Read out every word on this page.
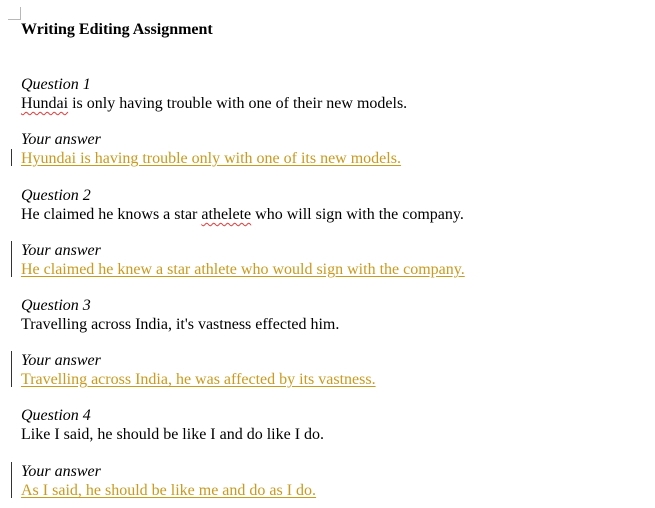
Writing Editing Assignment
Question 1
Hundai is only having trouble with one of their new models.
Your answer
Hyundai is having trouble only with one of its new models.
Question 2
He claimed he knows a star athelete who will sign with the company.
Your answer
He claimed he knew a star athlete who would sign with the company.
Question 3
Travelling across India, it's vastness effected him.
Your answer
Travelling across India, he was affected by its vastness.
Question 4
Like I said, he should be like I and do like I do.
Your answer
As I said, he should be like me and do as I do.
